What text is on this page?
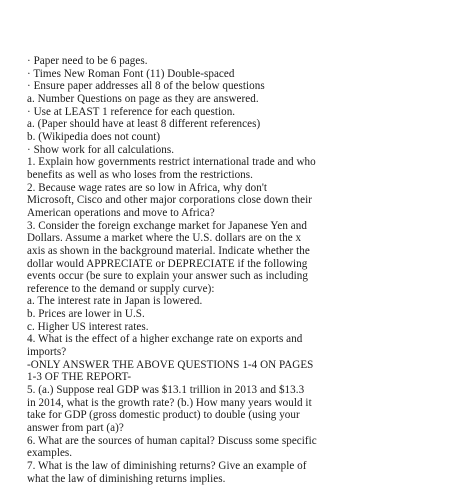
· Paper need to be 6 pages.
· Times New Roman Font (11) Double-spaced
· Ensure paper addresses all 8 of the below questions
a. Number Questions on page as they are answered.
· Use at LEAST 1 reference for each question.
a. (Paper should have at least 8 different references)
b. (Wikipedia does not count)
· Show work for all calculations.
1. Explain how governments restrict international trade and who
benefits as well as who loses from the restrictions.
2. Because wage rates are so low in Africa, why don't
Microsoft, Cisco and other major corporations close down their
American operations and move to Africa?
3. Consider the foreign exchange market for Japanese Yen and
Dollars. Assume a market where the U.S. dollars are on the x
axis as shown in the background material. Indicate whether the
dollar would APPRECIATE or DEPRECIATE if the following
events occur (be sure to explain your answer such as including
reference to the demand or supply curve):
a. The interest rate in Japan is lowered.
b. Prices are lower in U.S.
c. Higher US interest rates.
4. What is the effect of a higher exchange rate on exports and
imports?
-ONLY ANSWER THE ABOVE QUESTIONS 1-4 ON PAGES
1-3 OF THE REPORT-
5. (a.) Suppose real GDP was $13.1 trillion in 2013 and $13.3
in 2014, what is the growth rate? (b.) How many years would it
take for GDP (gross domestic product) to double (using your
answer from part (a)?
6. What are the sources of human capital? Discuss some specific
examples.
7. What is the law of diminishing returns? Give an example of
what the law of diminishing returns implies.
